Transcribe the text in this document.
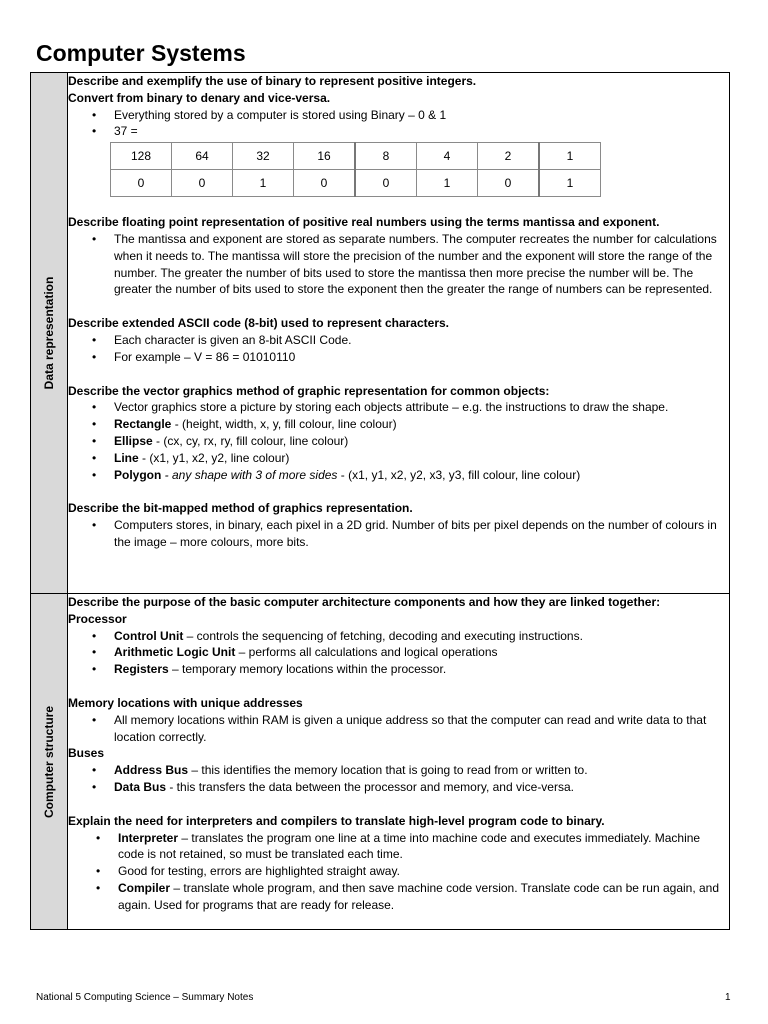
Computer Systems
Data representation

Describe and exemplify the use of binary to represent positive integers.

Convert from binary to denary and vice-versa.

• Everything stored by a computer is stored using Binary – 0 & 1
• 37 =
128	64	32	16	8	4	2	1
0	0	1	0	0	1	0	1

Describe floating point representation of positive real numbers using the terms mantissa and exponent.

• The mantissa and exponent are stored as separate numbers. The computer recreates the number for calculations when it needs to. The mantissa will store the precision of the number and the exponent will store the range of the number. The greater the number of bits used to store the mantissa then more precise the number will be. The greater the number of bits used to store the exponent then the greater the range of numbers can be represented.

Describe extended ASCII code (8-bit) used to represent characters.

• Each character is given an 8-bit ASCII Code.
• For example – V = 86 = 01010110

Describe the vector graphics method of graphic representation for common objects:

• Vector graphics store a picture by storing each objects attribute – e.g. the instructions to draw the shape.
• Rectangle - (height, width, x, y, fill colour, line colour)
• Ellipse - (cx, cy, rx, ry, fill colour, line colour)
• Line - (x1, y1, x2, y2, line colour)
• Polygon - any shape with 3 of more sides - (x1, y1, x2, y2, x3, y3, fill colour, line colour)

Describe the bit-mapped method of graphics representation.

• Computers stores, in binary, each pixel in a 2D grid. Number of bits per pixel depends on the number of colours in the image – more colours, more bits.

Computer structure

Describe the purpose of the basic computer architecture components and how they are linked together:

Processor

• Control Unit – controls the sequencing of fetching, decoding and executing instructions.
• Arithmetic Logic Unit – performs all calculations and logical operations
• Registers – temporary memory locations within the processor.

Memory locations with unique addresses

• All memory locations within RAM is given a unique address so that the computer can read and write data to that location correctly.

Buses

• Address Bus – this identifies the memory location that is going to read from or written to.
• Data Bus - this transfers the data between the processor and memory, and vice-versa.

Explain the need for interpreters and compilers to translate high-level program code to binary.

• Interpreter – translates the program one line at a time into machine code and executes immediately. Machine code is not retained, so must be translated each time.
• Good for testing, errors are highlighted straight away.
• Compiler – translate whole program, and then save machine code version. Translate code can be run again, and again. Used for programs that are ready for release.
National 5 Computing Science – Summary Notes	1
